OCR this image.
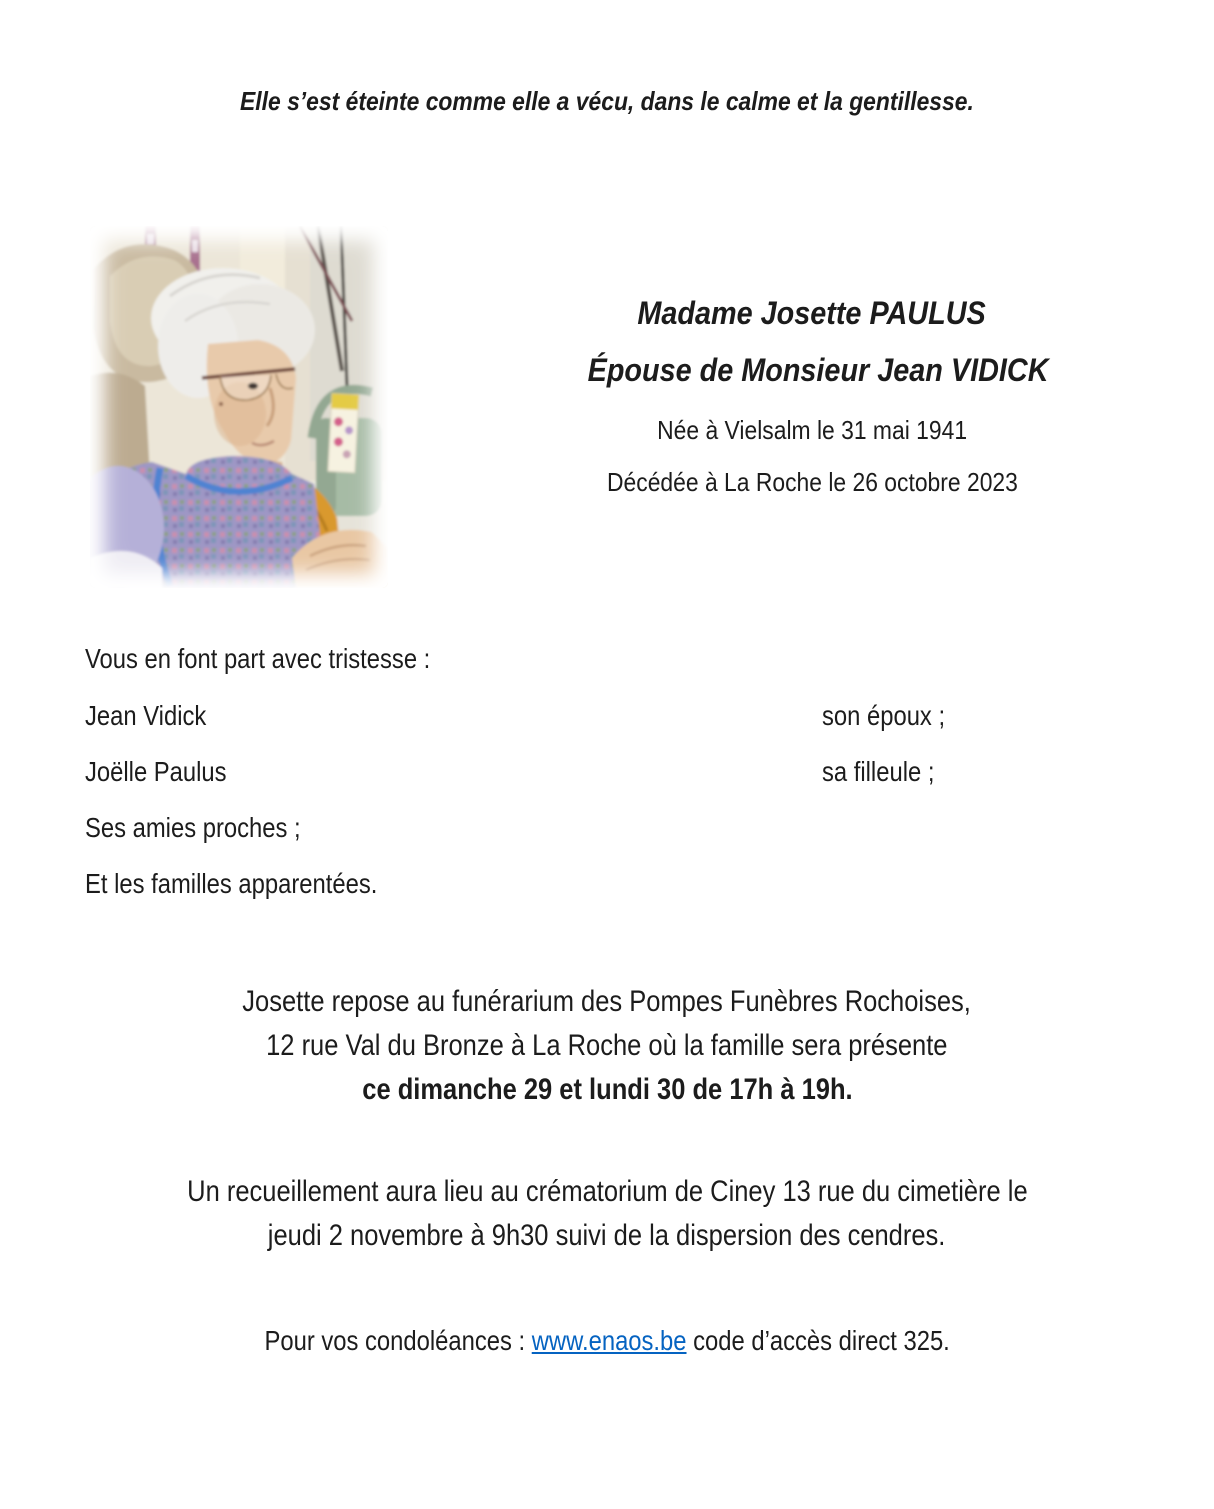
Elle s’est éteinte comme elle a vécu, dans le calme et la gentillesse.
Madame Josette PAULUS
Épouse de Monsieur Jean VIDICK
Née à Vielsalm le 31 mai 1941
Décédée à La Roche le 26 octobre 2023
Vous en font part avec tristesse :
Jean Vidick	son époux ;
Joëlle Paulus	sa filleule ;
Ses amies proches ;
Et les familles apparentées.

Josette repose au funérarium des Pompes Funèbres Rochoises,

12 rue Val du Bronze à La Roche où la famille sera présente

ce dimanche 29 et lundi 30 de 17h à 19h.

Un recueillement aura lieu au crématorium de Ciney 13 rue du cimetière le

jeudi 2 novembre à 9h30 suivi de la dispersion des cendres.

Pour vos condoléances : www.enaos.be code d’accès direct 325.
